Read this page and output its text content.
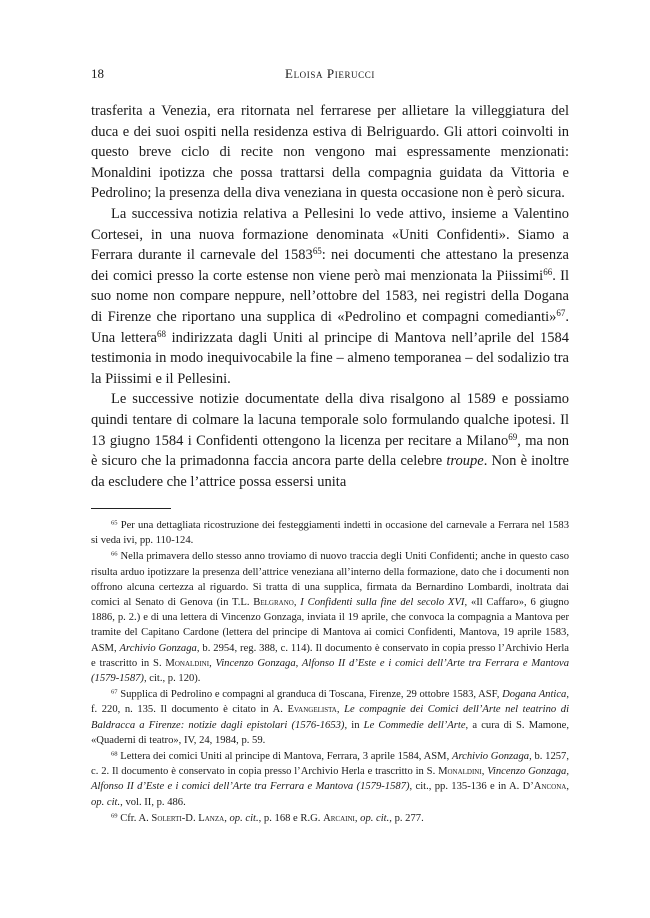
18	Eloisa Pierucci

trasferita a Venezia, era ritornata nel ferrarese per allietare la villeggiatura del duca e dei suoi ospiti nella residenza estiva di Belriguardo. Gli attori coinvolti in questo breve ciclo di recite non vengono mai espressamente menzionati: Monaldini ipotizza che possa trattarsi della compagnia guidata da Vittoria e Pedrolino; la presenza della diva veneziana in questa occasione non è però sicura.

La successiva notizia relativa a Pellesini lo vede attivo, insieme a Valentino Cortesei, in una nuova formazione denominata «Uniti Confidenti». Siamo a Ferrara durante il carnevale del 1583$^{65}$: nei documenti che attestano la presenza dei comici presso la corte estense non viene però mai menzionata la Piissimi$^{66}$. Il suo nome non compare neppure, nell’ottobre del 1583, nei registri della Dogana di Firenze che riportano una supplica di «Pedrolino et compagni comedianti»$^{67}$. Una lettera$^{68}$ indirizzata dagli Uniti al principe di Mantova nell’aprile del 1584 testimonia in modo inequivocabile la fine – almeno temporanea – del sodalizio tra la Piissimi e il Pellesini.

Le successive notizie documentate della diva risalgono al 1589 e possiamo quindi tentare di colmare la lacuna temporale solo formulando qualche ipotesi. Il 13 giugno 1584 i Confidenti ottengono la licenza per recitare a Milano$^{69}$, ma non è sicuro che la primadonna faccia ancora parte della celebre troupe. Non è inoltre da escludere che l’attrice possa essersi unita

$^{65}$ Per una dettagliata ricostruzione dei festeggiamenti indetti in occasione del carnevale a Ferrara nel 1583 si veda ivi, pp. 110-124.

$^{66}$ Nella primavera dello stesso anno troviamo di nuovo traccia degli Uniti Confidenti; anche in questo caso risulta arduo ipotizzare la presenza dell’attrice veneziana all’interno della formazione, dato che i documenti non offrono alcuna certezza al riguardo. Si tratta di una supplica, firmata da Bernardino Lombardi, inoltrata dai comici al Senato di Genova (in T.L. Belgrano, I Confidenti sulla fine del secolo XVI, «Il Caffaro», 6 giugno 1886, p. 2.) e di una lettera di Vincenzo Gonzaga, inviata il 19 aprile, che convoca la compagnia a Mantova per tramite del Capitano Cardone (lettera del principe di Mantova ai comici Confidenti, Mantova, 19 aprile 1583, ASM, Archivio Gonzaga, b. 2954, reg. 388, c. 114). Il documento è conservato in copia presso l’Archivio Herla e trascritto in S. Monaldini, Vincenzo Gonzaga, Alfonso II d’Este e i comici dell’Arte tra Ferrara e Mantova (1579-1587), cit., p. 120).

$^{67}$ Supplica di Pedrolino e compagni al granduca di Toscana, Firenze, 29 ottobre 1583, ASF, Dogana Antica, f. 220, n. 135. Il documento è citato in A. Evangelista, Le compagnie dei Comici dell’Arte nel teatrino di Baldracca a Firenze: notizie dagli epistolari (1576-1653), in Le Commedie dell’Arte, a cura di S. Mamone, «Quaderni di teatro», IV, 24, 1984, p. 59.

$^{68}$ Lettera dei comici Uniti al principe di Mantova, Ferrara, 3 aprile 1584, ASM, Archivio Gonzaga, b. 1257, c. 2. Il documento è conservato in copia presso l’Archivio Herla e trascritto in S. Monaldini, Vincenzo Gonzaga, Alfonso II d’Este e i comici dell’Arte tra Ferrara e Mantova (1579-1587), cit., pp. 135-136 e in A. D’Ancona, op. cit., vol. II, p. 486.

$^{69}$ Cfr. A. Solerti-D. Lanza, op. cit., p. 168 e R.G. Arcaini, op. cit., p. 277.
